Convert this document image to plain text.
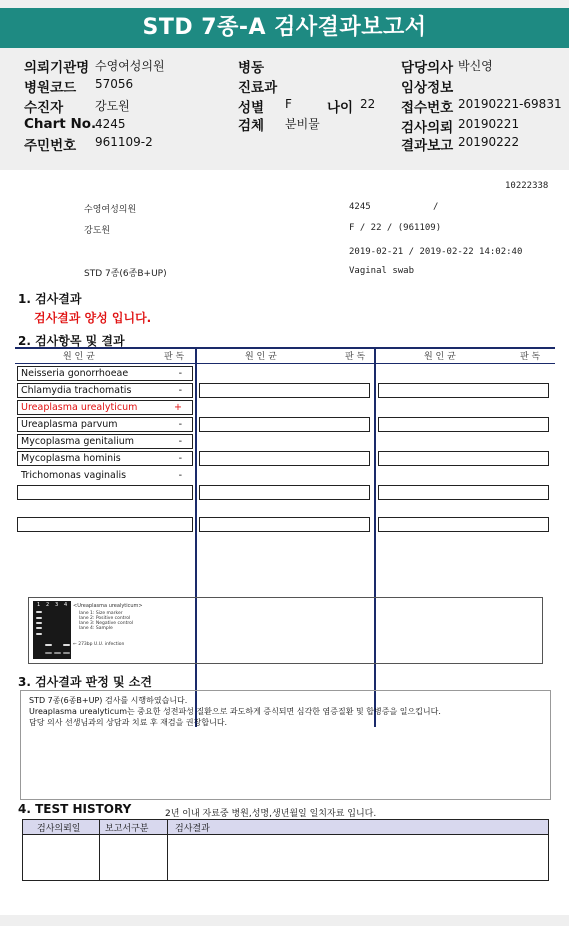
STD 7종-A 검사결과보고서
의뢰기관명 수영여성의원
병원코드 57056
수진자	강도원
Chart No.
4245
주민번호 961109-2
병동
진료과
성별 F	나이 22
검체 분비물
담당의사 박신영
임상정보
접수번호 20190221-69831
검사의뢰 20190221
결과보고 20190222
10222338
수영여성의원	4245	/
강도원	F / 22 / (961109)
2019-02-21 / 2019-02-22 14:02:40
STD 7종(6종B+UP)	Vaginal swab
1. 검사결과
검사결과 양성 입니다.
2. 검사항목 및 결과
원 인 균	판 독	원 인 균	판 독	원 인 균	판 독
Neisseria gonorrhoeae	-
Chlamydia trachomatis	-
Ureaplasma urealyticum	+
Ureaplasma parvum	-
Mycoplasma genitalium	-
Mycoplasma hominis	-
Trichomonas vaginalis	-
1 2 3 4 <Ureaplasma urealyticum>
lane 1: Size marker
lane 2: Positive control
lane 3: Negative control
lane 4: Sample
← 273bp U.U. infection
3. 검사결과 판정 및 소견
STD 7종(6종B+UP) 검사를 시행하였습니다.
Ureaplasma urealyticum는 중요한 성전파성 질환으로 과도하게 증식되면 심각한 염증질환 및 합병증을 일으킵니다.
담당 의사 선생님과의 상담과 치료 후 재검을 권장합니다.
4. TEST HISTORY	2년 이내 자료중 병원,성명,생년월일 일치자료 입니다.
검사의뢰일	보고서구분	검사결과
